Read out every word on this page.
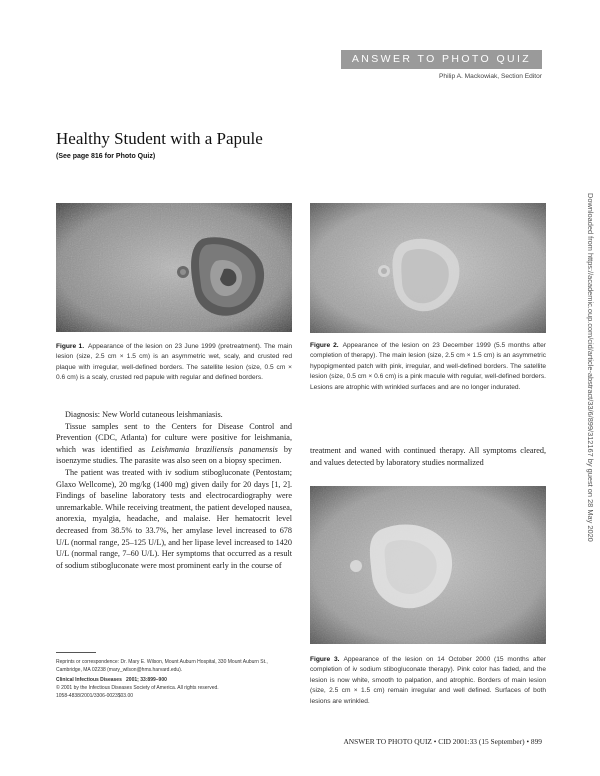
ANSWER TO PHOTO QUIZ
Philip A. Mackowiak, Section Editor
Healthy Student with a Papule
(See page 816 for Photo Quiz)
Figure 1. Appearance of the lesion on 23 June 1999 (pretreatment). The main lesion (size, 2.5 cm × 1.5 cm) is an asymmetric wet, scaly, and crusted red plaque with irregular, well-defined borders. The satellite lesion (size, 0.5 cm × 0.6 cm) is a scaly, crusted red papule with regular and defined borders.
Figure 2. Appearance of the lesion on 23 December 1999 (5.5 months after completion of therapy). The main lesion (size, 2.5 cm × 1.5 cm) is an asymmetric hypopigmented patch with pink, irregular, and well-defined borders. The satellite lesion (size, 0.5 cm × 0.6 cm) is a pink macule with regular, well-defined borders. Lesions are atrophic with wrinkled surfaces and are no longer indurated.
Figure 3. Appearance of the lesion on 14 October 2000 (15 months after completion of iv sodium stibogluconate therapy). Pink color has faded, and the lesion is now white, smooth to palpation, and atrophic. Borders of main lesion (size, 2.5 cm × 1.5 cm) remain irregular and well defined. Surfaces of both lesions are wrinkled.

Diagnosis: New World cutaneous leishmaniasis.

Tissue samples sent to the Centers for Disease Control and Prevention (CDC, Atlanta) for culture were positive for leishmania, which was identified as Leishmania braziliensis panamensis by isoenzyme studies. The parasite was also seen on a biopsy specimen.

The patient was treated with iv sodium stibogluconate (Pentostam; Glaxo Wellcome), 20 mg/kg (1400 mg) given daily for 20 days [1, 2]. Findings of baseline laboratory tests and electrocardiography were unremarkable. While receiving treatment, the patient developed nausea, anorexia, myalgia, headache, and malaise. Her hematocrit level decreased from 38.5% to 33.7%, her amylase level increased to 678 U/L (normal range, 25–125 U/L), and her lipase level increased to 1420 U/L (normal range, 7–60 U/L). Her symptoms that occurred as a result of sodium stibogluconate were most prominent early in the course of

treatment and waned with continued therapy. All symptoms cleared, and values detected by laboratory studies normalized

Reprints or correspondence: Dr. Mary E. Wilson, Mount Auburn Hospital, 330 Mount Auburn St., Cambridge, MA 02238 (mary_wilson@hms.harvard.edu).
Clinical Infectious Diseases 2001; 33:899–900
© 2001 by the Infectious Diseases Society of America. All rights reserved.
1058-4838/2001/3306-0023$03.00
ANSWER TO PHOTO QUIZ • CID 2001:33 (15 September) • 899
Downloaded from https://academic.oup.com/cid/article-abstract/33/6/899/312167 by guest on 28 May 2020
